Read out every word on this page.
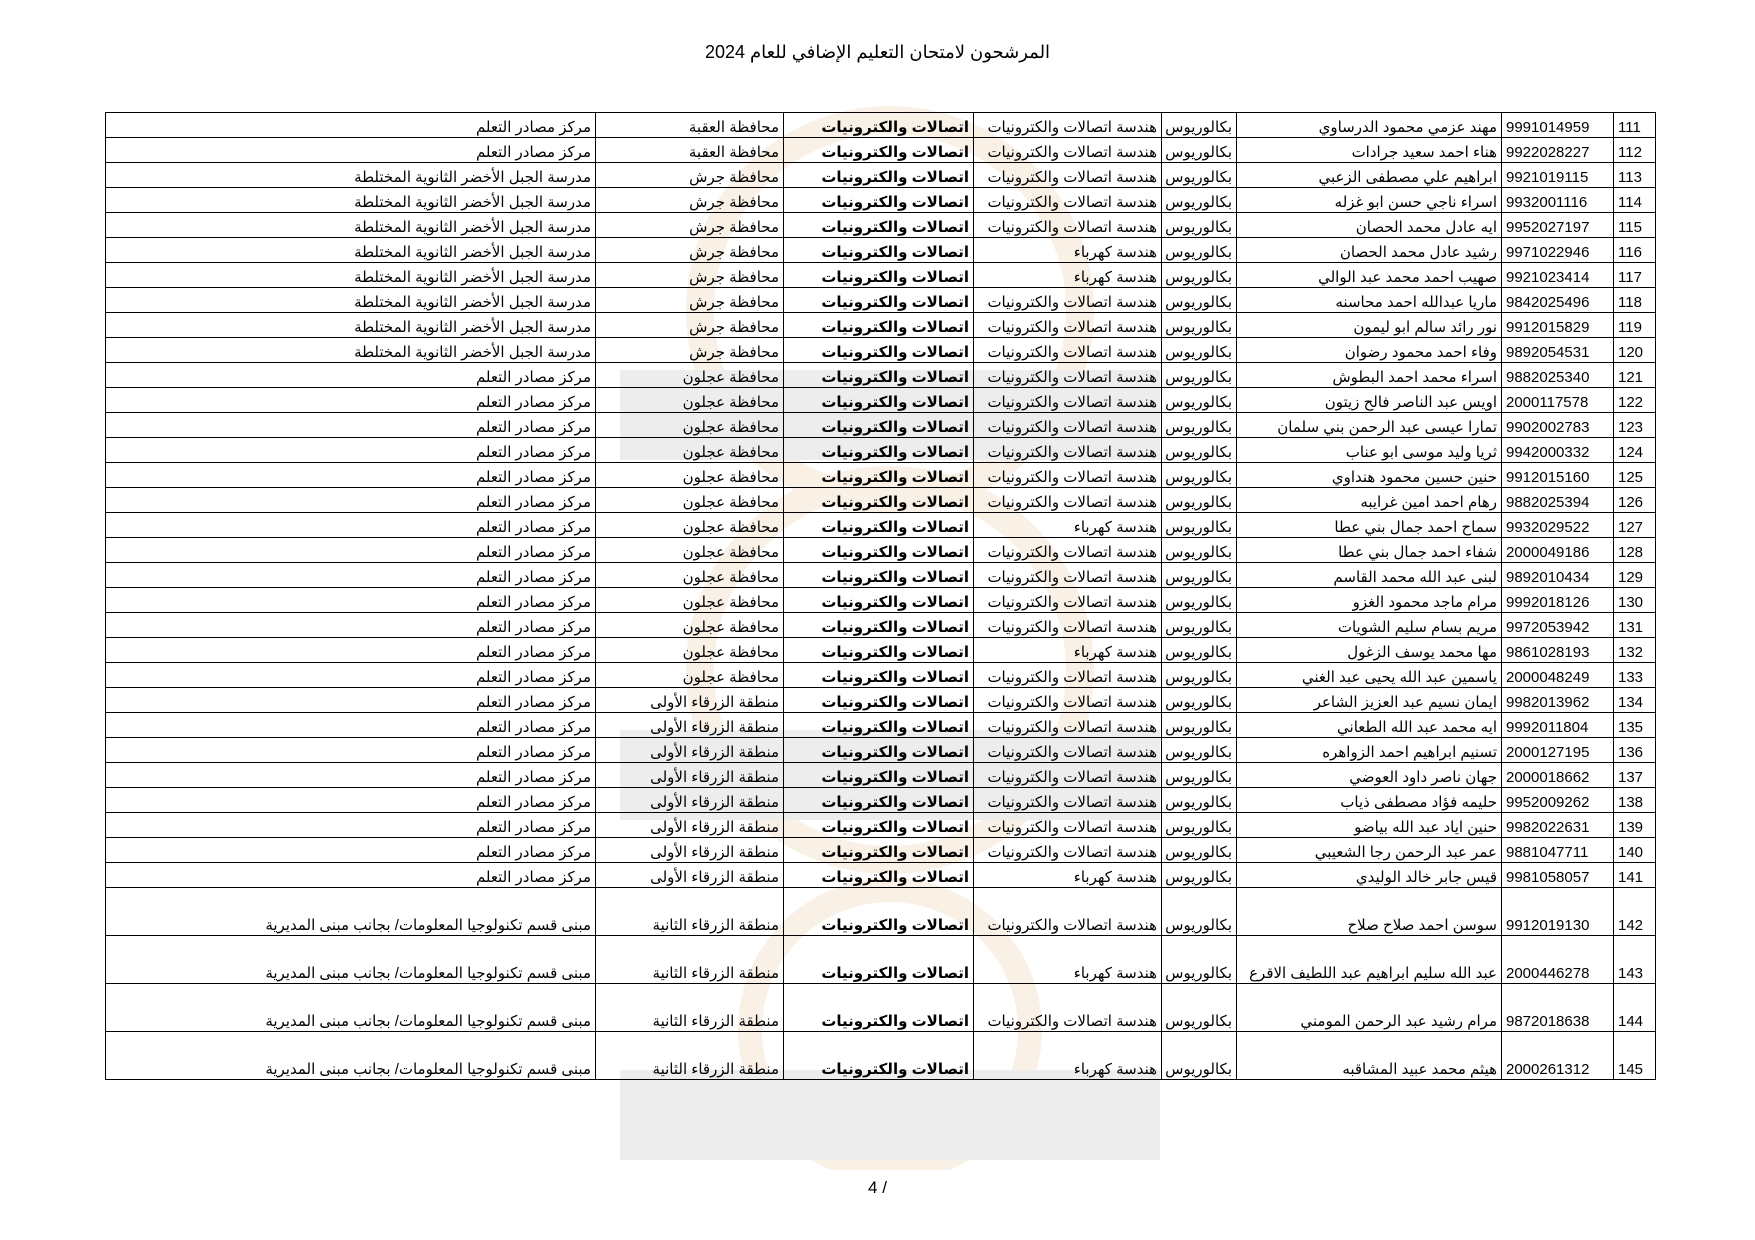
المرشحون لامتحان التعليم الإضافي للعام 2024
111	9991014959	مهند عزمي محمود الدرساوي	بكالوريوس	هندسة اتصالات والكترونيات	اتصالات والكترونيات	محافظة العقبة	مركز مصادر التعلم
112	9922028227	هناء احمد سعيد جرادات	بكالوريوس	هندسة اتصالات والكترونيات	اتصالات والكترونيات	محافظة العقبة	مركز مصادر التعلم
113	9921019115	ابراهيم علي مصطفى الزعبي	بكالوريوس	هندسة اتصالات والكترونيات	اتصالات والكترونيات	محافظة جرش	مدرسة الجبل الأخضر الثانوية المختلطة
114	9932001116	اسراء ناجي حسن ابو غزله	بكالوريوس	هندسة اتصالات والكترونيات	اتصالات والكترونيات	محافظة جرش	مدرسة الجبل الأخضر الثانوية المختلطة
115	9952027197	ايه عادل محمد الحصان	بكالوريوس	هندسة اتصالات والكترونيات	اتصالات والكترونيات	محافظة جرش	مدرسة الجبل الأخضر الثانوية المختلطة
116	9971022946	رشيد عادل محمد الحصان	بكالوريوس	هندسة كهرباء	اتصالات والكترونيات	محافظة جرش	مدرسة الجبل الأخضر الثانوية المختلطة
117	9921023414	صهيب احمد محمد عبد الوالي	بكالوريوس	هندسة كهرباء	اتصالات والكترونيات	محافظة جرش	مدرسة الجبل الأخضر الثانوية المختلطة
118	9842025496	ماريا عبدالله احمد محاسنه	بكالوريوس	هندسة اتصالات والكترونيات	اتصالات والكترونيات	محافظة جرش	مدرسة الجبل الأخضر الثانوية المختلطة
119	9912015829	نور رائد سالم ابو ليمون	بكالوريوس	هندسة اتصالات والكترونيات	اتصالات والكترونيات	محافظة جرش	مدرسة الجبل الأخضر الثانوية المختلطة
120	9892054531	وفاء احمد محمود رضوان	بكالوريوس	هندسة اتصالات والكترونيات	اتصالات والكترونيات	محافظة جرش	مدرسة الجبل الأخضر الثانوية المختلطة
121	9882025340	اسراء محمد احمد البطوش	بكالوريوس	هندسة اتصالات والكترونيات	اتصالات والكترونيات	محافظة عجلون	مركز مصادر التعلم
122	2000117578	اويس عبد الناصر فالح زيتون	بكالوريوس	هندسة اتصالات والكترونيات	اتصالات والكترونيات	محافظة عجلون	مركز مصادر التعلم
123	9902002783	تمارا عيسى عبد الرحمن بني سلمان	بكالوريوس	هندسة اتصالات والكترونيات	اتصالات والكترونيات	محافظة عجلون	مركز مصادر التعلم
124	9942000332	ثريا وليد موسى ابو عناب	بكالوريوس	هندسة اتصالات والكترونيات	اتصالات والكترونيات	محافظة عجلون	مركز مصادر التعلم
125	9912015160	حنين حسين محمود هنداوي	بكالوريوس	هندسة اتصالات والكترونيات	اتصالات والكترونيات	محافظة عجلون	مركز مصادر التعلم
126	9882025394	رهام احمد امين غرايبه	بكالوريوس	هندسة اتصالات والكترونيات	اتصالات والكترونيات	محافظة عجلون	مركز مصادر التعلم
127	9932029522	سماح احمد جمال بني عطا	بكالوريوس	هندسة كهرباء	اتصالات والكترونيات	محافظة عجلون	مركز مصادر التعلم
128	2000049186	شفاء احمد جمال بني عطا	بكالوريوس	هندسة اتصالات والكترونيات	اتصالات والكترونيات	محافظة عجلون	مركز مصادر التعلم
129	9892010434	لبنى عبد الله محمد القاسم	بكالوريوس	هندسة اتصالات والكترونيات	اتصالات والكترونيات	محافظة عجلون	مركز مصادر التعلم
130	9992018126	مرام ماجد محمود الغزو	بكالوريوس	هندسة اتصالات والكترونيات	اتصالات والكترونيات	محافظة عجلون	مركز مصادر التعلم
131	9972053942	مريم بسام سليم الشويات	بكالوريوس	هندسة اتصالات والكترونيات	اتصالات والكترونيات	محافظة عجلون	مركز مصادر التعلم
132	9861028193	مها محمد يوسف الزغول	بكالوريوس	هندسة كهرباء	اتصالات والكترونيات	محافظة عجلون	مركز مصادر التعلم
133	2000048249	ياسمين عبد الله يحيى عبد الغني	بكالوريوس	هندسة اتصالات والكترونيات	اتصالات والكترونيات	محافظة عجلون	مركز مصادر التعلم
134	9982013962	ايمان نسيم عبد العزيز الشاعر	بكالوريوس	هندسة اتصالات والكترونيات	اتصالات والكترونيات	منطقة الزرقاء الأولى	مركز مصادر التعلم
135	9992011804	ايه محمد عبد الله الطعاني	بكالوريوس	هندسة اتصالات والكترونيات	اتصالات والكترونيات	منطقة الزرقاء الأولى	مركز مصادر التعلم
136	2000127195	تسنيم ابراهيم احمد الزواهره	بكالوريوس	هندسة اتصالات والكترونيات	اتصالات والكترونيات	منطقة الزرقاء الأولى	مركز مصادر التعلم
137	2000018662	جهان ناصر داود العوضي	بكالوريوس	هندسة اتصالات والكترونيات	اتصالات والكترونيات	منطقة الزرقاء الأولى	مركز مصادر التعلم
138	9952009262	حليمه فؤاد مصطفى ذياب	بكالوريوس	هندسة اتصالات والكترونيات	اتصالات والكترونيات	منطقة الزرقاء الأولى	مركز مصادر التعلم
139	9982022631	حنين اياد عبد الله بياضو	بكالوريوس	هندسة اتصالات والكترونيات	اتصالات والكترونيات	منطقة الزرقاء الأولى	مركز مصادر التعلم
140	9881047711	عمر عبد الرحمن رجا الشعيبي	بكالوريوس	هندسة اتصالات والكترونيات	اتصالات والكترونيات	منطقة الزرقاء الأولى	مركز مصادر التعلم
141	9981058057	قيس جابر خالد الوليدي	بكالوريوس	هندسة كهرباء	اتصالات والكترونيات	منطقة الزرقاء الأولى	مركز مصادر التعلم
142	9912019130	سوسن احمد صلاح صلاح	بكالوريوس	هندسة اتصالات والكترونيات	اتصالات والكترونيات	منطقة الزرقاء الثانية	مبنى قسم تكنولوجيا المعلومات/ بجانب مبنى المديرية
143	2000446278	عبد الله سليم ابراهيم عبد اللطيف الاقرع	بكالوريوس	هندسة كهرباء	اتصالات والكترونيات	منطقة الزرقاء الثانية	مبنى قسم تكنولوجيا المعلومات/ بجانب مبنى المديرية
144	9872018638	مرام رشيد عبد الرحمن المومني	بكالوريوس	هندسة اتصالات والكترونيات	اتصالات والكترونيات	منطقة الزرقاء الثانية	مبنى قسم تكنولوجيا المعلومات/ بجانب مبنى المديرية
145	2000261312	هيثم محمد عبيد المشاقبه	بكالوريوس	هندسة كهرباء	اتصالات والكترونيات	منطقة الزرقاء الثانية	مبنى قسم تكنولوجيا المعلومات/ بجانب مبنى المديرية
4 /
